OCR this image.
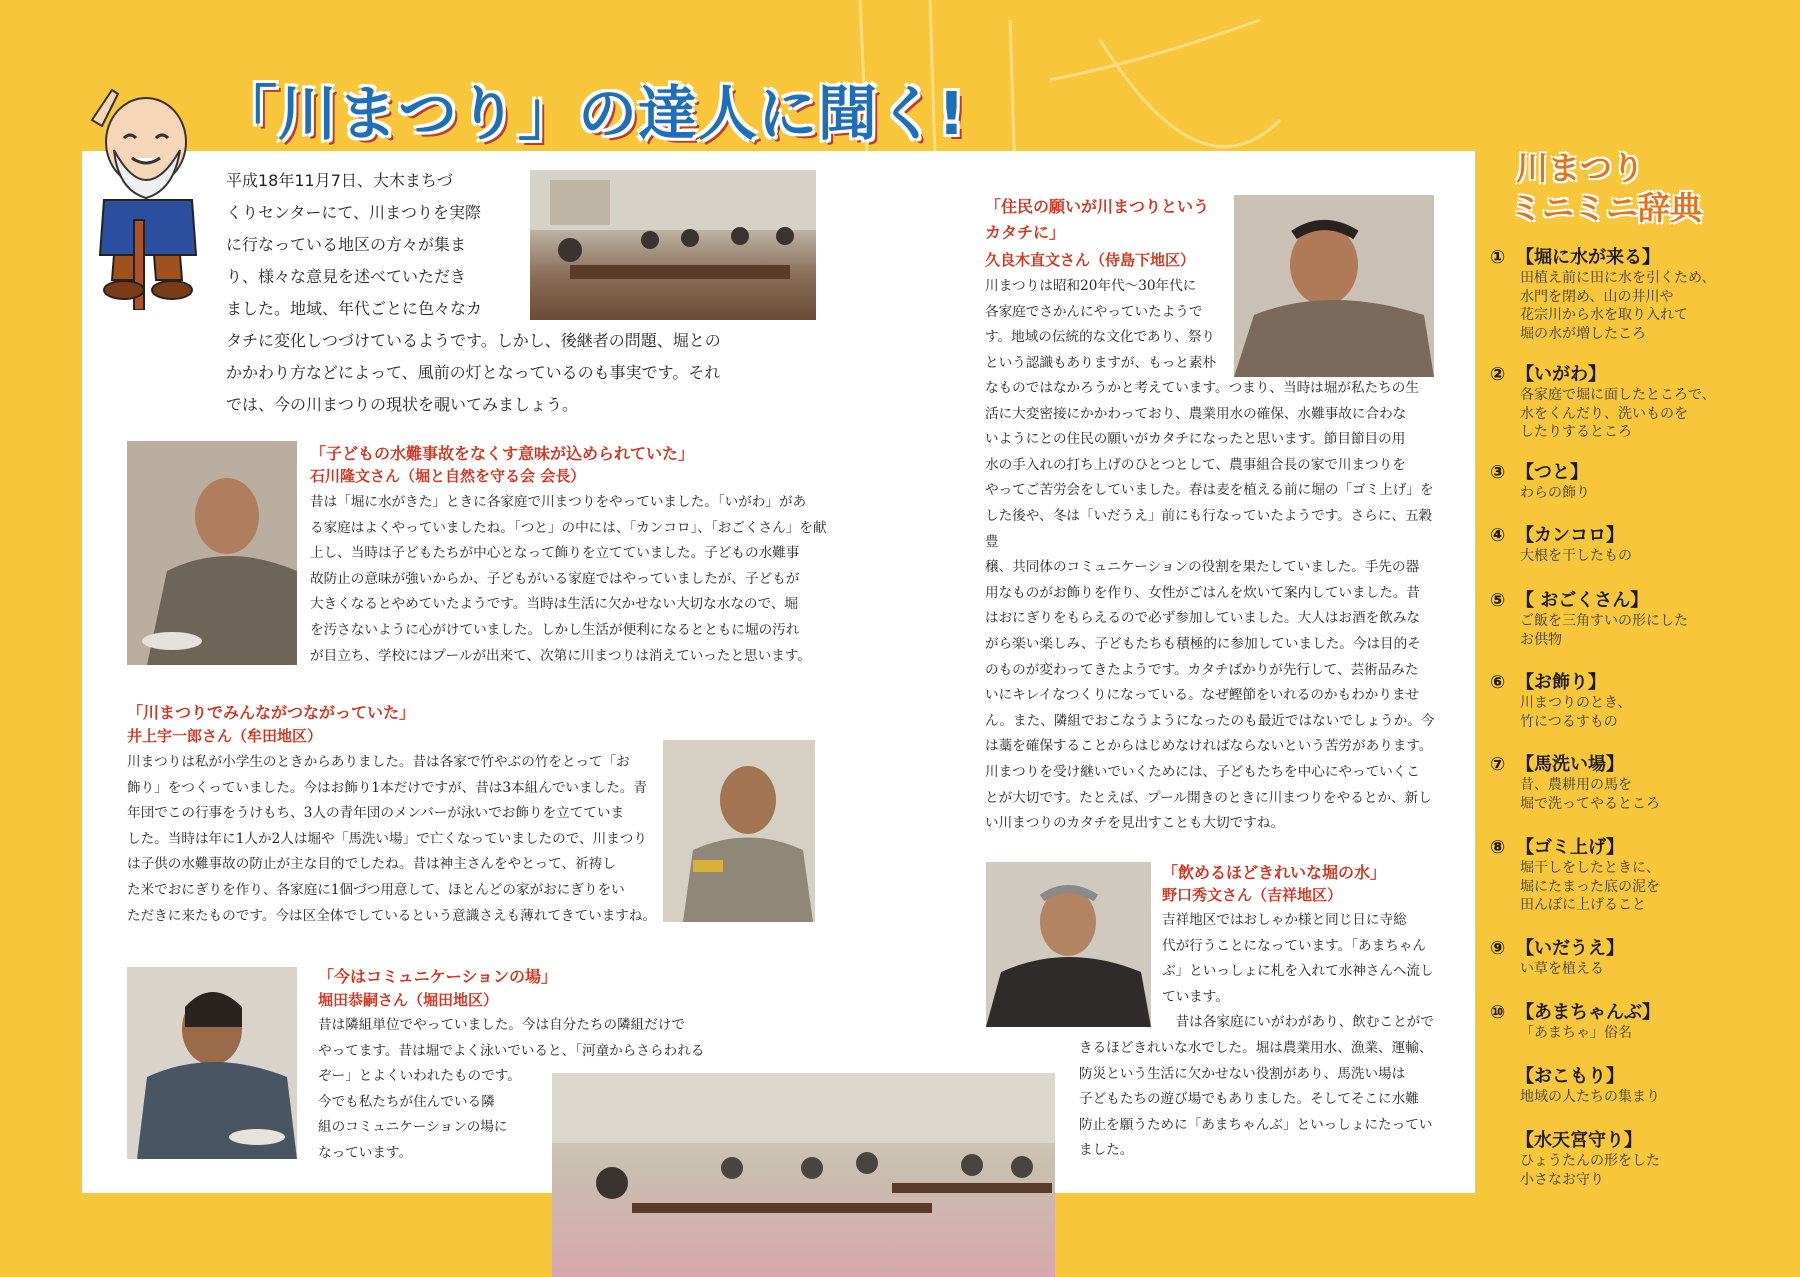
「川まつり」の達人に聞く!
平成18年11月7日、大木まちづ
くりセンターにて、川まつりを実際
に行なっている地区の方々が集ま
り、様々な意見を述べていただき
ました。地域、年代ごとに色々なカ
タチに変化しつづけているようです。しかし、後継者の問題、堀との
かかわり方などによって、風前の灯となっているのも事実です。それ
では、今の川まつりの現状を覗いてみましょう。
「子どもの水難事故をなくす意味が込められていた」
石川隆文さん（堀と自然を守る会 会長）
昔は「堀に水がきた」ときに各家庭で川まつりをやっていました。「いがわ」があ
る家庭はよくやっていましたね。「つと」の中には、「カンコロ」、「おごくさん」を献
上し、当時は子どもたちが中心となって飾りを立てていました。子どもの水難事
故防止の意味が強いからか、子どもがいる家庭ではやっていましたが、子どもが
大きくなるとやめていたようです。当時は生活に欠かせない大切な水なので、堀
を汚さないように心がけていました。しかし生活が便利になるとともに堀の汚れ
が目立ち、学校にはプールが出来て、次第に川まつりは消えていったと思います。
「川まつりでみんながつながっていた」
井上宇一郎さん（牟田地区）
川まつりは私が小学生のときからありました。昔は各家で竹やぶの竹をとって「お
飾り」をつくっていました。今はお飾り1本だけですが、昔は3本組んでいました。青
年団でこの行事をうけもち、3人の青年団のメンバーが泳いでお飾りを立てていま
した。当時は年に1人か2人は堀や「馬洗い場」で亡くなっていましたので、川まつり
は子供の水難事故の防止が主な目的でしたね。昔は神主さんをやとって、祈祷し
た米でおにぎりを作り、各家庭に1個づつ用意して、ほとんどの家がおにぎりをい
ただきに来たものです。今は区全体でしているという意識さえも薄れてきていますね。
「今はコミュニケーションの場」
堀田恭嗣さん（堀田地区）
昔は隣組単位でやっていました。今は自分たちの隣組だけで
やってます。昔は堀でよく泳いでいると、「河童からさらわれる
ぞー」とよくいわれたものです。
今でも私たちが住んでいる隣
組のコミュニケーションの場に
なっています。
「住民の願いが川まつりという
カタチに」
久良木直文さん（侍島下地区）
川まつりは昭和20年代～30年代に
各家庭でさかんにやっていたようで
す。地域の伝統的な文化であり、祭り
という認識もありますが、もっと素朴
なものではなかろうかと考えています。つまり、当時は堀が私たちの生
活に大変密接にかかわっており、農業用水の確保、水難事故に合わな
いようにとの住民の願いがカタチになったと思います。節目節目の用
水の手入れの打ち上げのひとつとして、農事組合長の家で川まつりを
やってご苦労会をしていました。春は麦を植える前に堀の「ゴミ上げ」を
した後や、冬は「いだうえ」前にも行なっていたようです。さらに、五穀豊
穣、共同体のコミュニケーションの役割を果たしていました。手先の器
用なものがお飾りを作り、女性がごはんを炊いて案内していました。昔
はおにぎりをもらえるので必ず参加していました。大人はお酒を飲みな
がら楽い楽しみ、子どもたちも積極的に参加していました。今は目的そ
のものが変わってきたようです。カタチばかりが先行して、芸術品みた
いにキレイなつくりになっている。なぜ鰹節をいれるのかもわかりませ
ん。また、隣組でおこなうようになったのも最近ではないでしょうか。今
は藁を確保することからはじめなければならないという苦労があります。
川まつりを受け継いでいくためには、子どもたちを中心にやっていくこ
とが大切です。たとえば、プール開きのときに川まつりをやるとか、新し
い川まつりのカタチを見出すことも大切ですね。
「飲めるほどきれいな堀の水」
野口秀文さん（吉祥地区）
吉祥地区ではおしゃか様と同じ日に寺総
代が行うことになっています。「あまちゃん
ぶ」といっしょに札を入れて水神さんへ流し
ています。
　昔は各家庭にいがわがあり、飲むことがで
きるほどきれいな水でした。堀は農業用水、漁業、運輸、
防災という生活に欠かせない役割があり、馬洗い場は
子どもたちの遊び場でもありました。そしてそこに水難
防止を願うために「あまちゃんぶ」といっしょにたってい
ました。
川まつり
ミニミニ辞典
① 【堀に水が来る】
田植え前に田に水を引くため、
水門を閉め、山の井川や
花宗川から水を取り入れて
堀の水が増したころ
② 【いがわ】
各家庭で堀に面したところで、
水をくんだり、洗いものを
したりするところ
③ 【つと】
わらの飾り
④ 【カンコロ】
大根を干したもの
⑤ 【 おごくさん】
ご飯を三角すいの形にした
お供物
⑥ 【お飾り】
川まつりのとき、
竹につるすもの
⑦ 【馬洗い場】
昔、農耕用の馬を
堀で洗ってやるところ
⑧ 【ゴミ上げ】
堀干しをしたときに、
堀にたまった底の泥を
田んぼに上げること
⑨ 【いだうえ】
い草を植える
⑩ 【あまちゃんぶ】
「あまちゃ」俗名
【おこもり】
地域の人たちの集まり
【水天宮守り】
ひょうたんの形をした
小さなお守り
